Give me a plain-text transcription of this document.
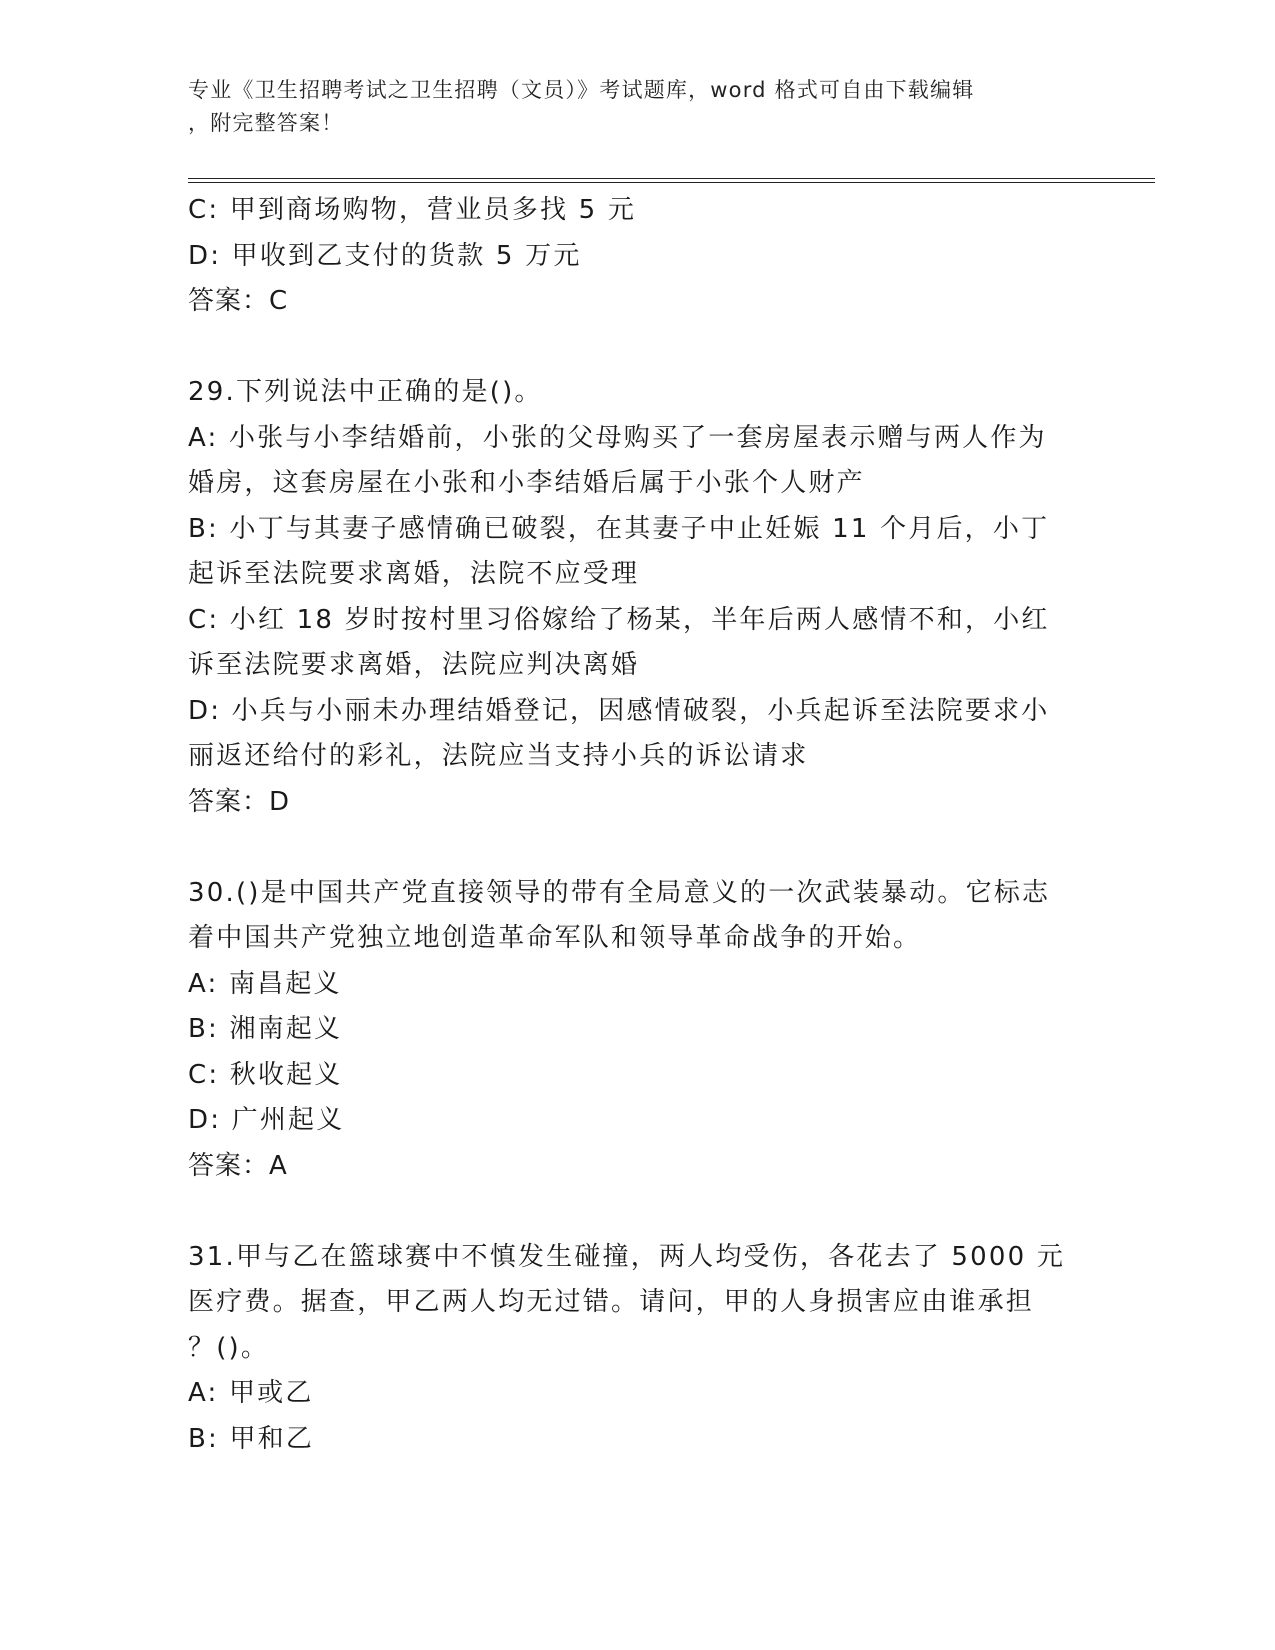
专业《卫生招聘考试之卫生招聘（文员）》考试题库，word 格式可自由下载编辑
，附完整答案！
C: 甲到商场购物，营业员多找 5 元
D: 甲收到乙支付的货款 5 万元
答案：C
29.下列说法中正确的是()。
A: 小张与小李结婚前，小张的父母购买了一套房屋表示赠与两人作为
婚房，这套房屋在小张和小李结婚后属于小张个人财产
B: 小丁与其妻子感情确已破裂，在其妻子中止妊娠 11 个月后，小丁
起诉至法院要求离婚，法院不应受理
C: 小红 18 岁时按村里习俗嫁给了杨某，半年后两人感情不和，小红
诉至法院要求离婚，法院应判决离婚
D: 小兵与小丽未办理结婚登记，因感情破裂，小兵起诉至法院要求小
丽返还给付的彩礼，法院应当支持小兵的诉讼请求
答案：D
30.()是中国共产党直接领导的带有全局意义的一次武装暴动。它标志
着中国共产党独立地创造革命军队和领导革命战争的开始。
A: 南昌起义
B: 湘南起义
C: 秋收起义
D: 广州起义
答案：A
31.甲与乙在篮球赛中不慎发生碰撞，两人均受伤，各花去了 5000 元
医疗费。据查，甲乙两人均无过错。请问，甲的人身损害应由谁承担
？()。
A: 甲或乙
B: 甲和乙
